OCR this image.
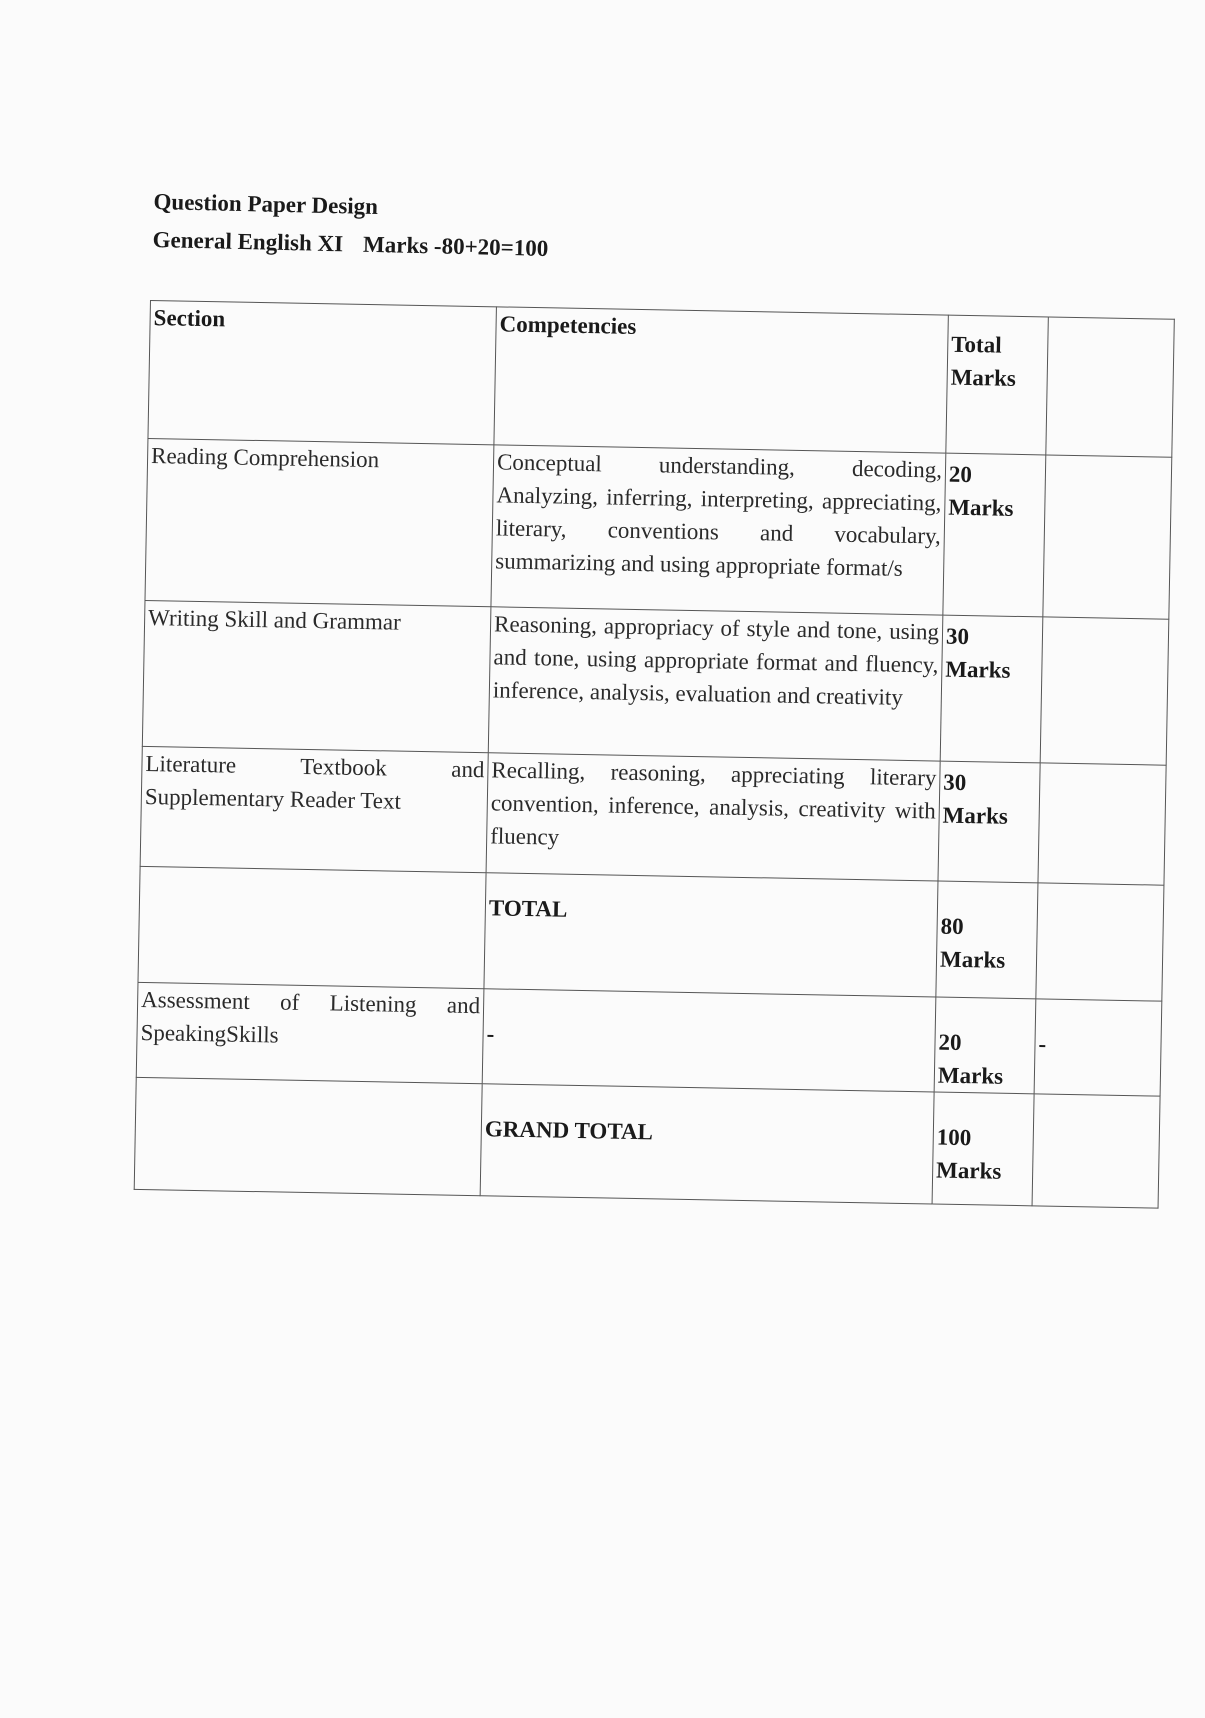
Question Paper Design
General English XI Marks -80+20=100
Section	Competencies	Total Marks	
Reading Comprehension	Conceptual understanding, decoding, Analyzing, inferring, interpreting, appreciating, literary, conventions and vocabulary, summarizing and using appropriate format/s	20 Marks	
Writing Skill and Grammar	Reasoning, appropriacy of style and tone, using and tone, using appropriate format and fluency, inference, analysis, evaluation and creativity	30 Marks	
Literature Textbook and Supplementary Reader Text	Recalling, reasoning, appreciating literary convention, inference, analysis, creativity with fluency	30 Marks	
	TOTAL	80 Marks	
Assessment of Listening and SpeakingSkills	-	20 Marks	-
	GRAND TOTAL	100 Marks	
